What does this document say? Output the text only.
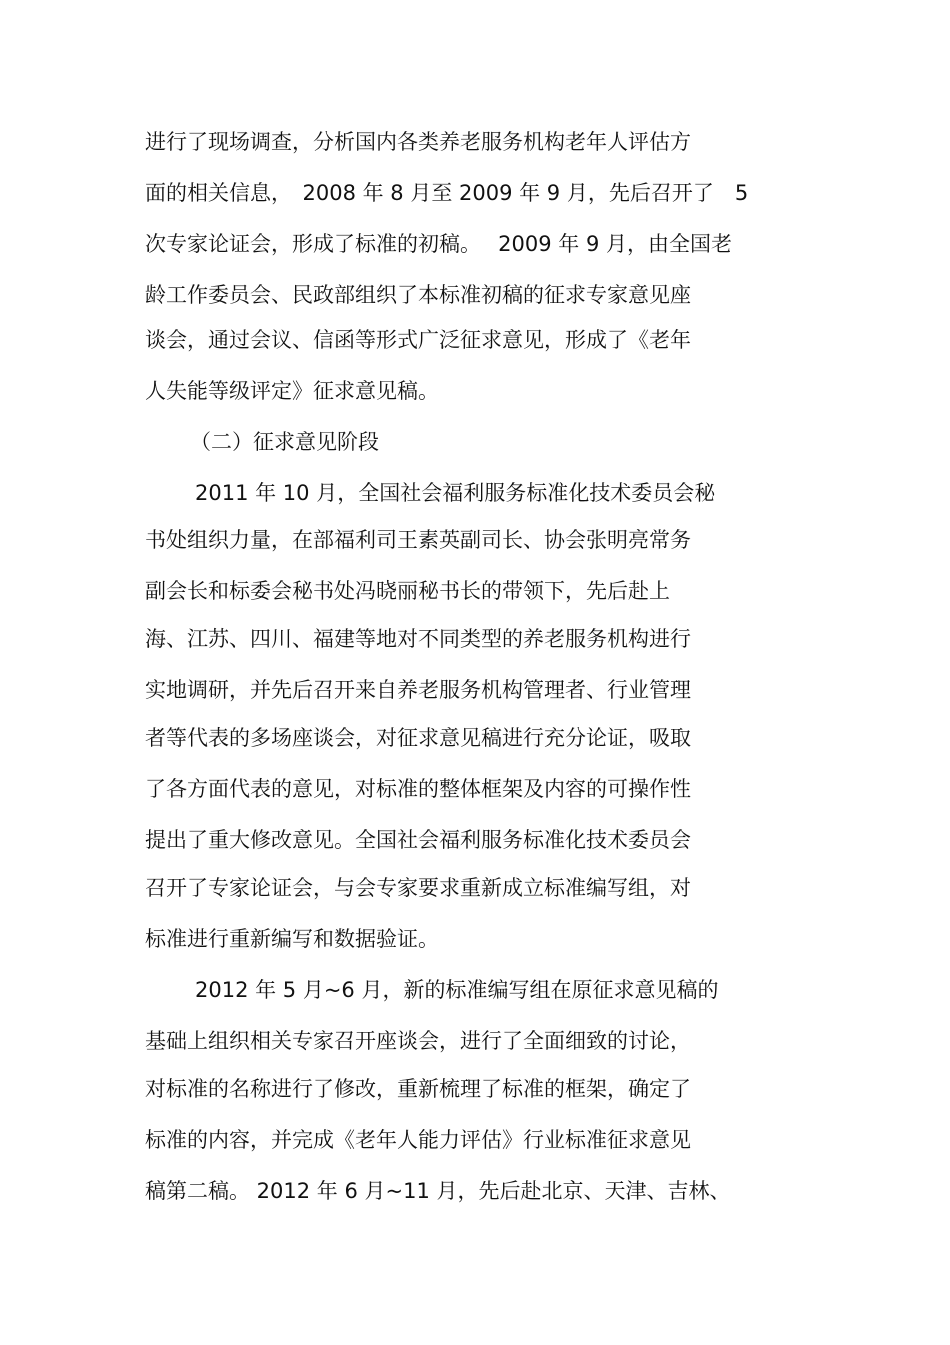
进行了现场调查，分析国内各类养老服务机构老年人评估方
面的相关信息，　2008 年 8 月至 2009 年 9 月，先后召开了　5
次专家论证会，形成了标准的初稿。　 2009 年 9 月，由全国老
龄工作委员会、民政部组织了本标准初稿的征求专家意见座
谈会，通过会议、信函等形式广泛征求意见，形成了《老年
人失能等级评定》征求意见稿。
（二）征求意见阶段
2011 年 10 月，全国社会福利服务标准化技术委员会秘
书处组织力量，在部福利司王素英副司长、协会张明亮常务
副会长和标委会秘书处冯晓丽秘书长的带领下，先后赴上
海、江苏、四川、福建等地对不同类型的养老服务机构进行
实地调研，并先后召开来自养老服务机构管理者、行业管理
者等代表的多场座谈会，对征求意见稿进行充分论证，吸取
了各方面代表的意见，对标准的整体框架及内容的可操作性
提出了重大修改意见。全国社会福利服务标准化技术委员会
召开了专家论证会，与会专家要求重新成立标准编写组，对
标准进行重新编写和数据验证。
2012 年 5 月~6 月，新的标准编写组在原征求意见稿的
基础上组织相关专家召开座谈会，进行了全面细致的讨论，
对标准的名称进行了修改，重新梳理了标准的框架，确定了
标准的内容，并完成《老年人能力评估》行业标准征求意见
稿第二稿。 2012 年 6 月~11 月，先后赴北京、天津、吉林、
